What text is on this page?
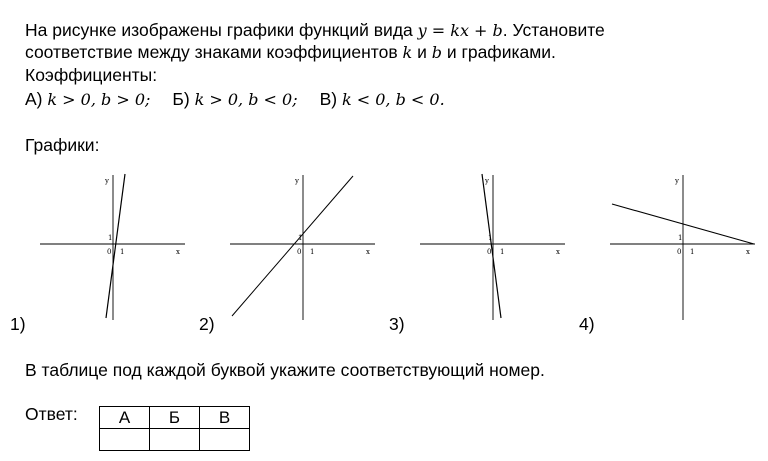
На рисунке изображены графики функций вида y = kx + b. Установите
соответствие между знаками коэффициентов k и b и графиками.
Коэффициенты:
А) k > 0, b > 0; Б) k > 0, b < 0; В) k < 0, b < 0.
Графики:
x
y
0 1
1
1)
x
y
0 1
1
2)
x
y
0 1
1
3)
x
y
0 1
1
4)
В таблице под каждой буквой укажите соответствующий номер.
Ответ: А	Б	В
